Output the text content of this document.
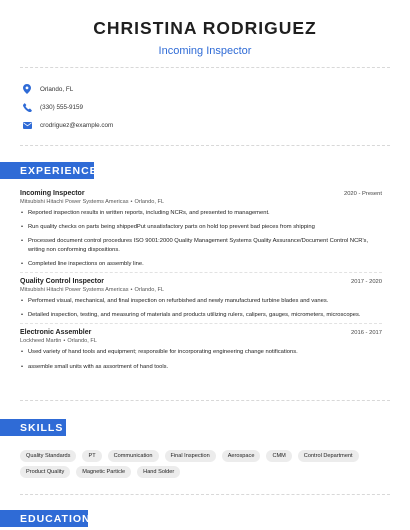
CHRISTINA RODRIGUEZ
Incoming Inspector
Orlando, FL
(330) 555-9159
crodriguez@example.com
EXPERIENCE
Incoming Inspector	2020 - Present
Mitsubishi Hitachi Power Systems Americas • Orlando, FL
• Reported inspection results in written reports, including NCRs, and presented to management.
• Run quality checks on parts being shippedPut unsatisfactory parts on hold top prevent bad pieces from shipping
• Processed document control procedures ISO 9001:2000 Quality Management Systems Quality Assurance/Document Control NCR's, writing non conforming dispositions.
• Completed line inspections on assembly line.
Quality Control Inspector	2017 - 2020
Mitsubishi Hitachi Power Systems Americas • Orlando, FL
• Performed visual, mechanical, and final inspection on refurbished and newly manufactured turbine blades and vanes.
• Detailed inspection, testing, and measuring of materials and products utilizing rulers, calipers, gauges, micrometers, microscopes.
Electronic Assembler	2016 - 2017
Lockheed Martin • Orlando, FL
• Used variety of hand tools and equipment; responsible for incorporating engineering change notifications.
• assemble small units with as assortment of hand tools.
SKILLS
Quality Standards	PT	Communication	Final Inspection	Aerospace	CMM	Control Department
Product Quality	Magnetic Particle	Hand Solder
EDUCATION
